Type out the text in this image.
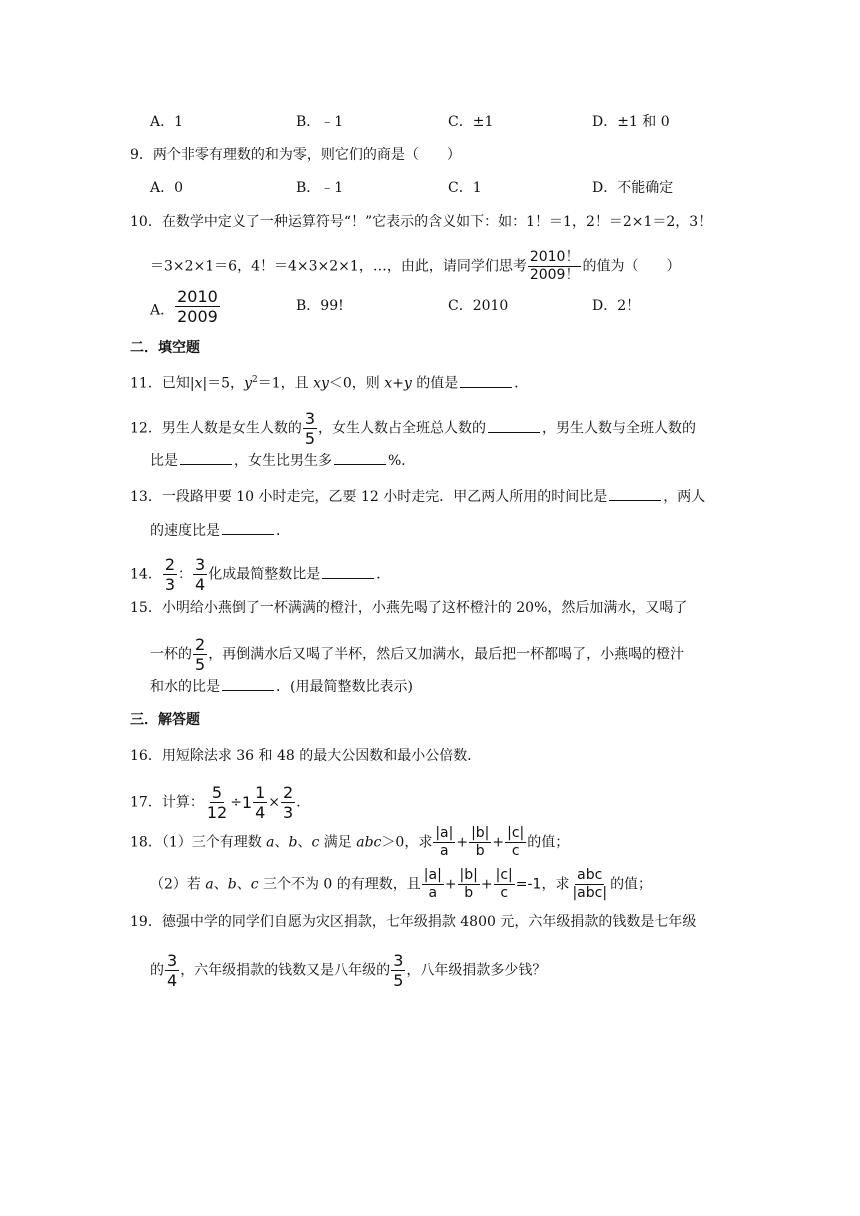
A．1	B．﹣1	C．±1	D．±1 和 0
9．两个非零有理数的和为零，则它们的商是（　　）
A．0	B．﹣1	C．1	D．不能确定
10．在数学中定义了一种运算符号“！”它表示的含义如下：如：1！＝1，2！＝2×1＝2，3！
＝3×2×1＝6，4！＝4×3×2×1，…，由此，请同学们思考 $\frac{2010!}{2009!}$ 的值为（　　）
A． $\frac{2010}{2009}$	B．99!	C．2010	D．2！
二．填空题
11．已知|x|＝5，$y^2=1$，且 xy＜0，则 x+y 的值是	．
12．男生人数是女生人数的 $\frac{3}{5}$ ，女生人数占全班总人数的	，男生人数与全班人数的
比是	，女生比男生多	%．
13．一段路甲要 10 小时走完，乙要 12 小时走完．甲乙两人所用的时间比是	，两人
的速度比是	．
14． $\frac{2}{3}$ ： $\frac{3}{4}$ 化成最简整数比是	．
15．小明给小燕倒了一杯满满的橙汁，小燕先喝了这杯橙汁的 20%，然后加满水，又喝了
一杯的 $\frac{2}{5}$ ，再倒满水后又喝了半杯，然后又加满水，最后把一杯都喝了，小燕喝的橙汁
和水的比是	．(用最简整数比表示)
三．解答题
16．用短除法求 36 和 48 的最大公因数和最小公倍数．
17．计算： $\frac{5}{12} \div 1 \frac{1}{4} \times \frac{2}{3}$ ．
18．（1）三个有理数 a、b、c 满足 abc＞0，求 $\frac{|a|}{a} + \frac{|b|}{b} + \frac{|c|}{c}$ 的值；
（2）若 a、b、c 三个不为 0 的有理数，且 $\frac{|a|}{a} + \frac{|b|}{b} + \frac{|c|}{c} =-1$，求 $\frac{\text{abc}}{\text{|abc|}}$ 的值；
19．德强中学的同学们自愿为灾区捐款，七年级捐款 4800 元，六年级捐款的钱数是七年级
的 $\frac{3}{4}$ ，六年级捐款的钱数又是八年级的 $\frac{3}{5}$ ，八年级捐款多少钱？
